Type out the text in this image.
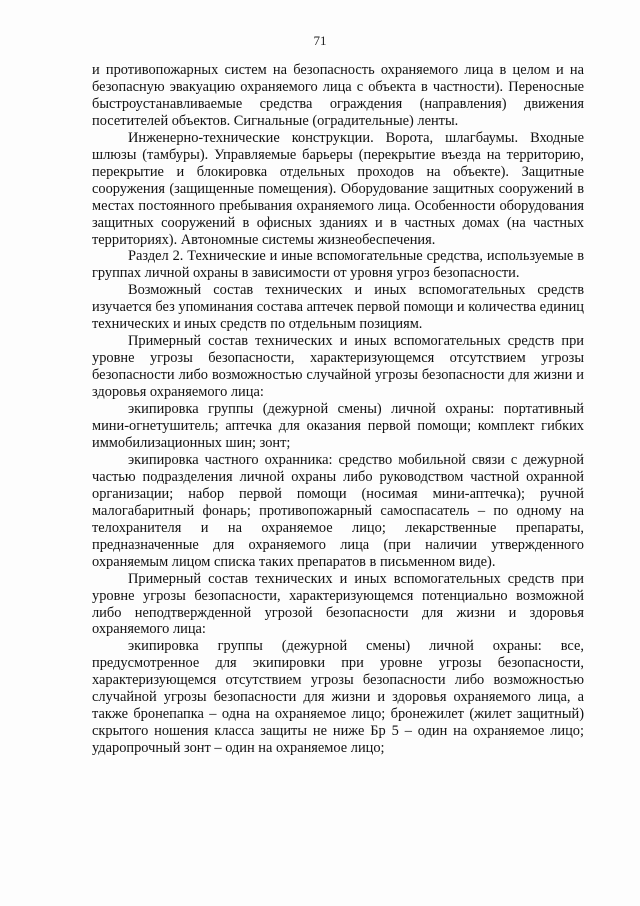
71

и противопожарных систем на безопасность охраняемого лица в целом и на безопасную эвакуацию охраняемого лица с объекта в частности). Переносные быстроустанавливаемые средства ограждения (направления) движения посетителей объектов. Сигнальные (оградительные) ленты.

Инженерно-технические конструкции. Ворота, шлагбаумы. Входные шлюзы (тамбуры). Управляемые барьеры (перекрытие въезда на территорию, перекрытие и блокировка отдельных проходов на объекте). Защитные сооружения (защищенные помещения). Оборудование защитных сооружений в местах постоянного пребывания охраняемого лица. Особенности оборудования защитных сооружений в офисных зданиях и в частных домах (на частных территориях). Автономные системы жизнеобеспечения.

Раздел 2. Технические и иные вспомогательные средства, используемые в группах личной охраны в зависимости от уровня угроз безопасности.

Возможный состав технических и иных вспомогательных средств изучается без упоминания состава аптечек первой помощи и количества единиц технических и иных средств по отдельным позициям.

Примерный состав технических и иных вспомогательных средств при уровне угрозы безопасности, характеризующемся отсутствием угрозы безопасности либо возможностью случайной угрозы безопасности для жизни и здоровья охраняемого лица:

экипировка группы (дежурной смены) личной охраны: портативный мини-огнетушитель; аптечка для оказания первой помощи; комплект гибких иммобилизационных шин; зонт;

экипировка частного охранника: средство мобильной связи с дежурной частью подразделения личной охраны либо руководством частной охранной организации; набор первой помощи (носимая мини-аптечка); ручной малогабаритный фонарь; противопожарный самоспасатель – по одному на телохранителя и на охраняемое лицо; лекарственные препараты, предназначенные для охраняемого лица (при наличии утвержденного охраняемым лицом списка таких препаратов в письменном виде).

Примерный состав технических и иных вспомогательных средств при уровне угрозы безопасности, характеризующемся потенциально возможной либо неподтвержденной угрозой безопасности для жизни и здоровья охраняемого лица:

экипировка группы (дежурной смены) личной охраны: все, предусмотренное для экипировки при уровне угрозы безопасности, характеризующемся отсутствием угрозы безопасности либо возможностью случайной угрозы безопасности для жизни и здоровья охраняемого лица, а также бронепапка – одна на охраняемое лицо; бронежилет (жилет защитный) скрытого ношения класса защиты не ниже Бр 5 – один на охраняемое лицо; ударопрочный зонт – один на охраняемое лицо;
